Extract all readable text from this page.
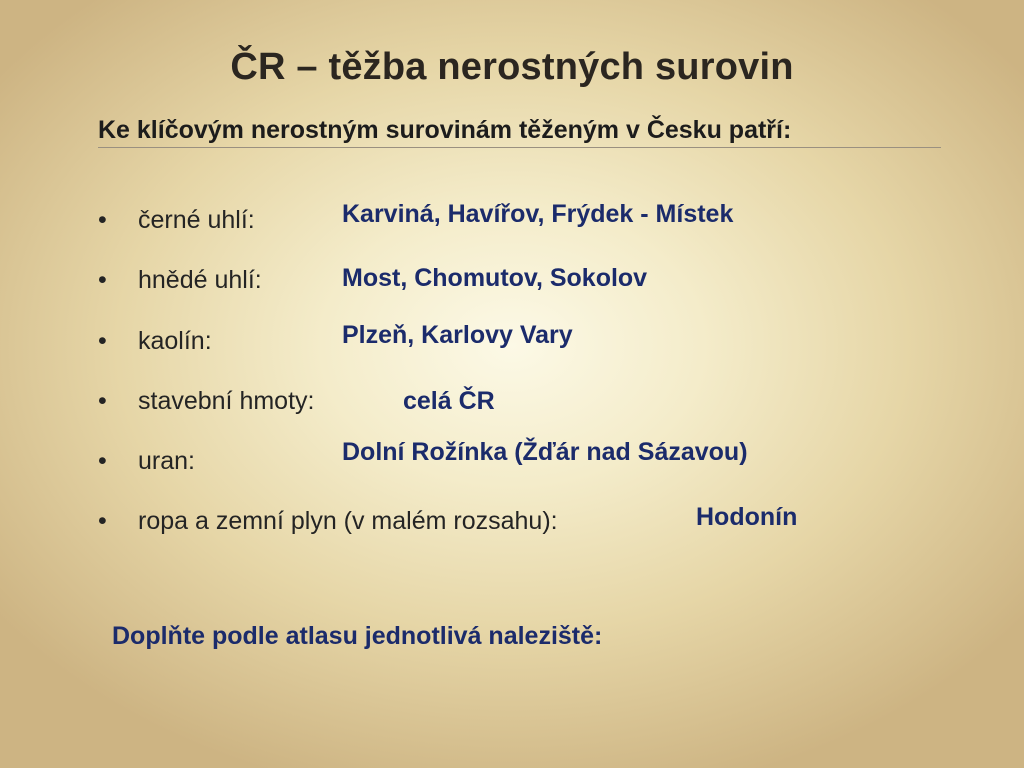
ČR – těžba nerostných surovin
Ke klíčovým nerostným surovinám těženým v Česku patří:
• černé uhlí:
• hnědé uhlí:
• kaolín:
• stavební hmoty:
• uran:
• ropa a zemní plyn (v malém rozsahu):
Karviná, Havířov, Frýdek - Místek
Most, Chomutov, Sokolov
Plzeň, Karlovy Vary
celá ČR
Dolní Rožínka (Žďár nad Sázavou)
Hodonín
Doplňte podle atlasu jednotlivá naleziště:
